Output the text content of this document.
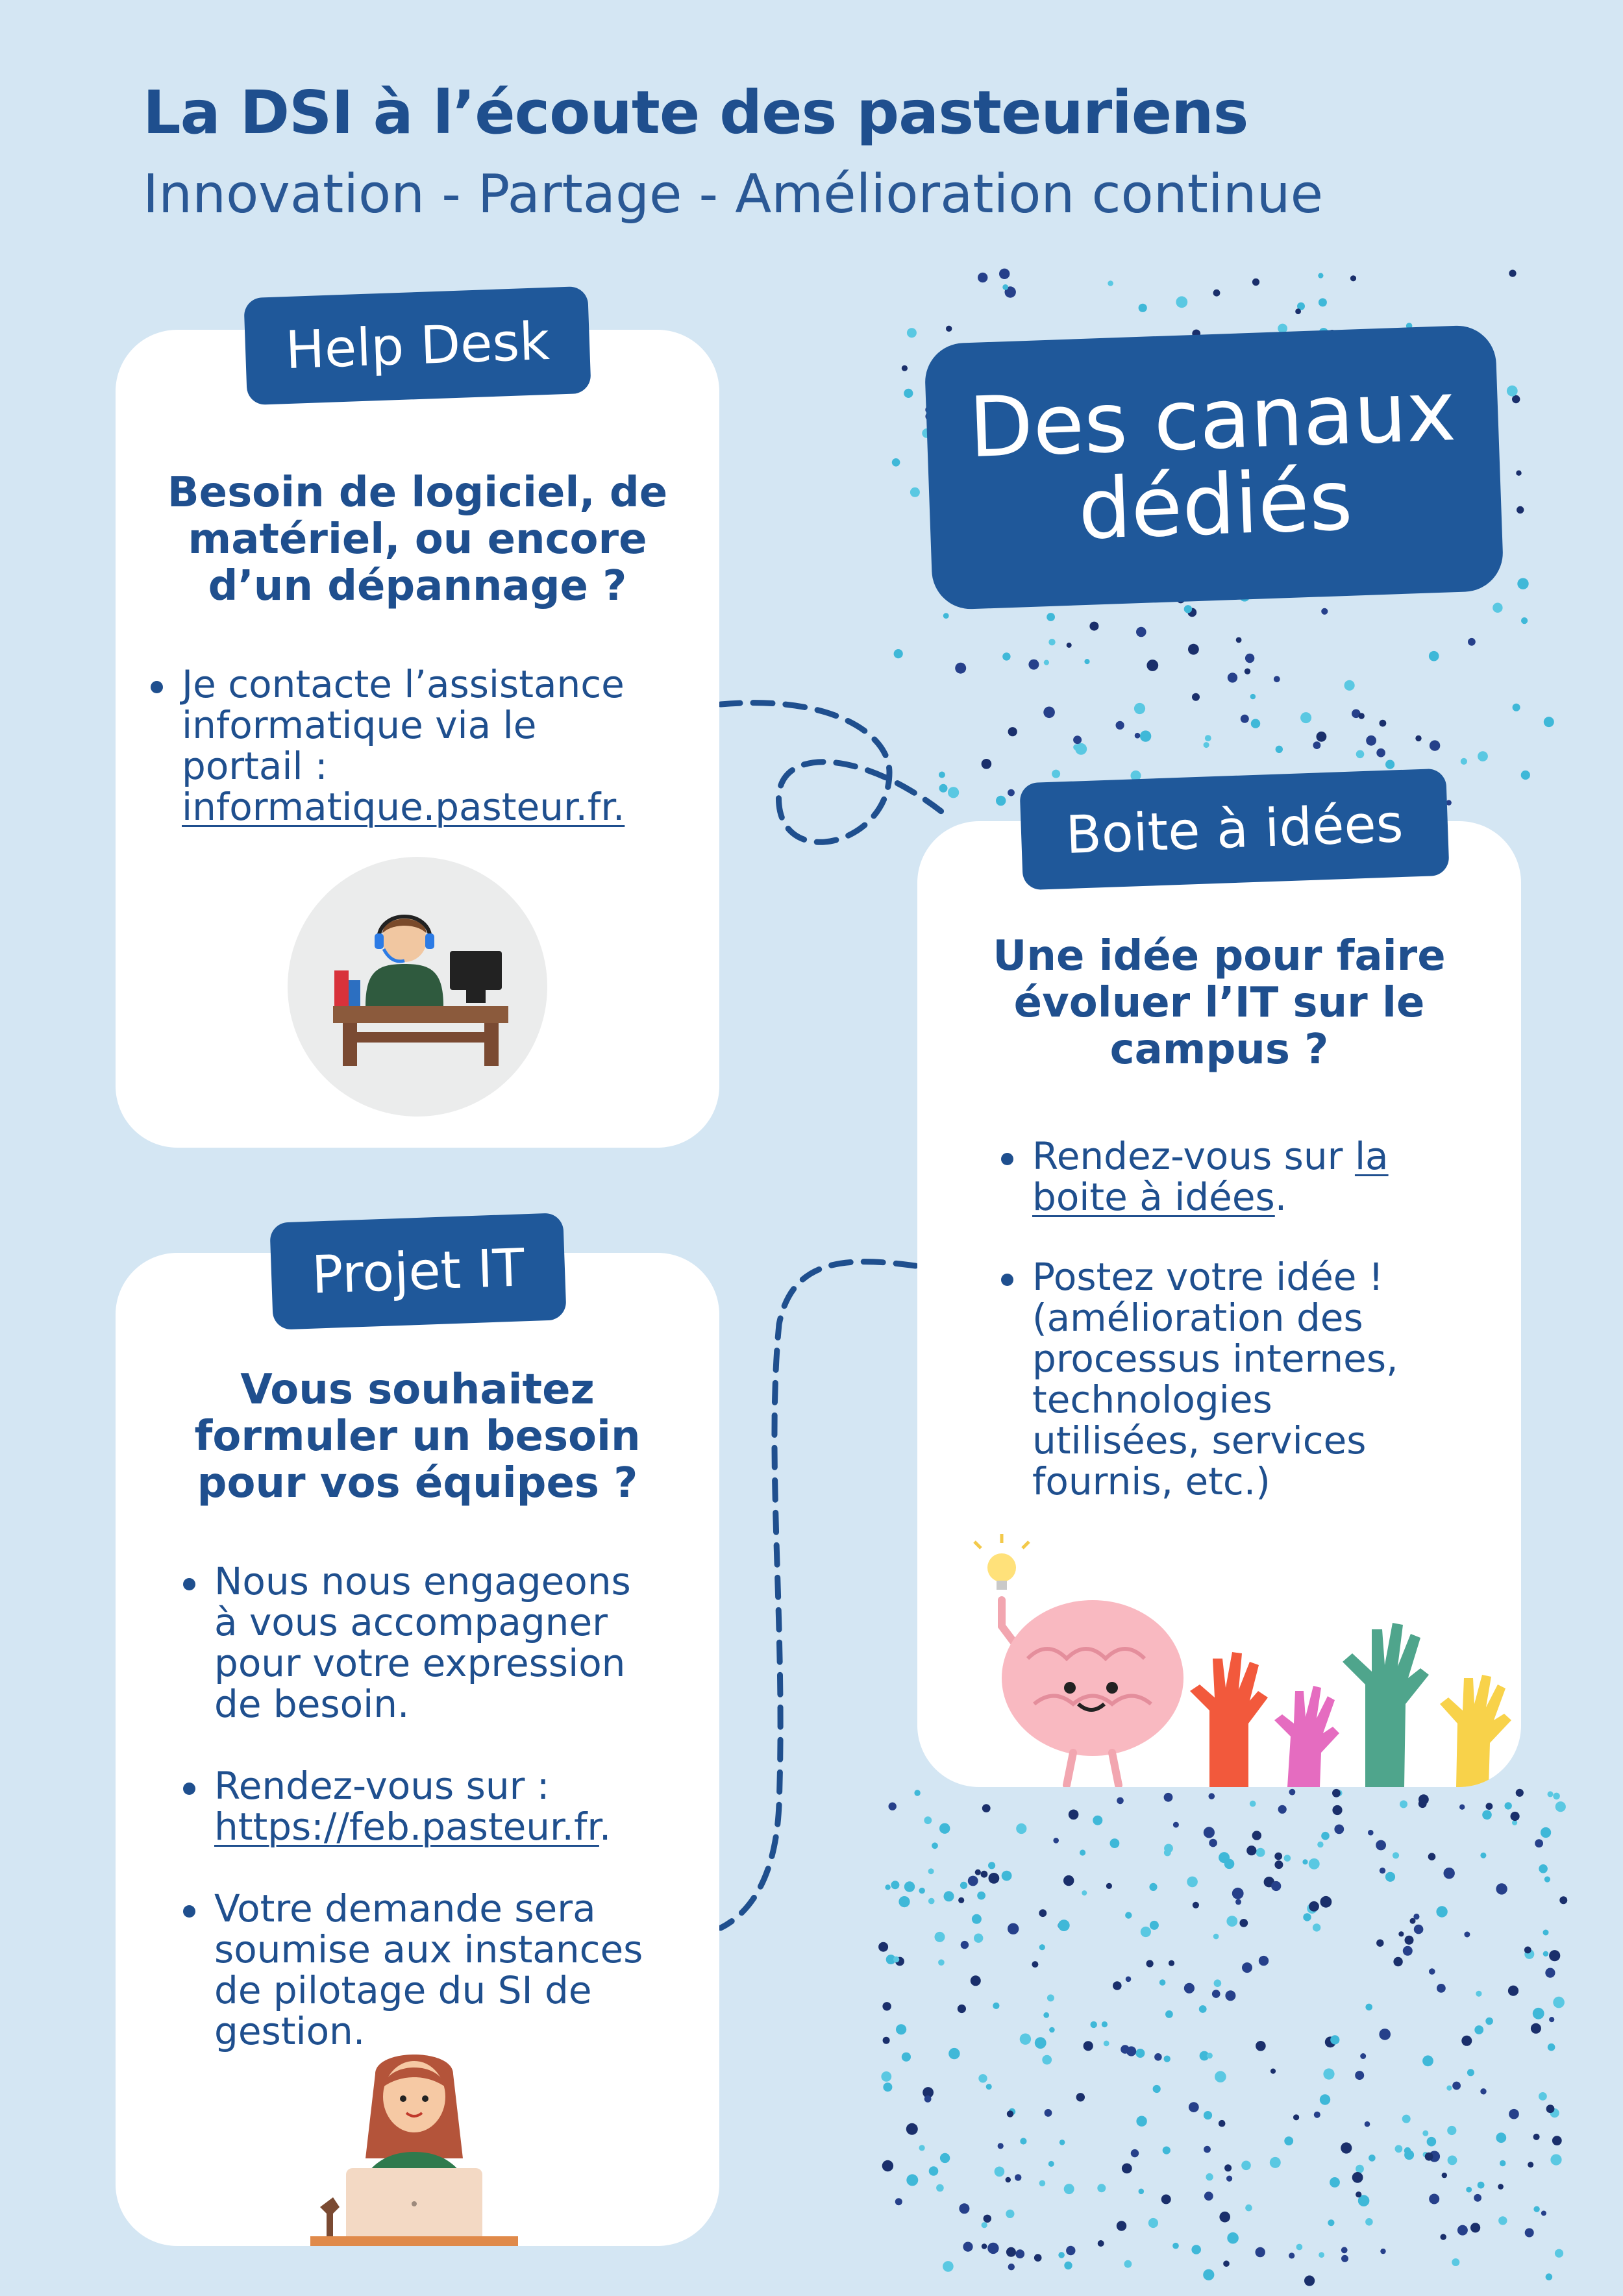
La DSI à l’écoute des pasteuriens
Innovation - Partage - Amélioration continue
Des canaux
dédiés

Besoin de logiciel, de
matériel, ou encore
d’un dépannage ?

Je contacte l’assistance
informatique via le
portail :
informatique.pasteur.fr.
Help Desk

Une idée pour faire
évoluer l’IT sur le
campus ?

Rendez-vous sur la
boite à idées.
Postez votre idée !
(amélioration des
processus internes,
technologies
utilisées, services
fournis, etc.)
Boite à idées

Vous souhaitez
formuler un besoin
pour vos équipes ?

Nous nous engageons
à vous accompagner
pour votre expression
de besoin.
Rendez-vous sur :
https://feb.pasteur.fr.
Votre demande sera
soumise aux instances
de pilotage du SI de
gestion.
Projet IT
